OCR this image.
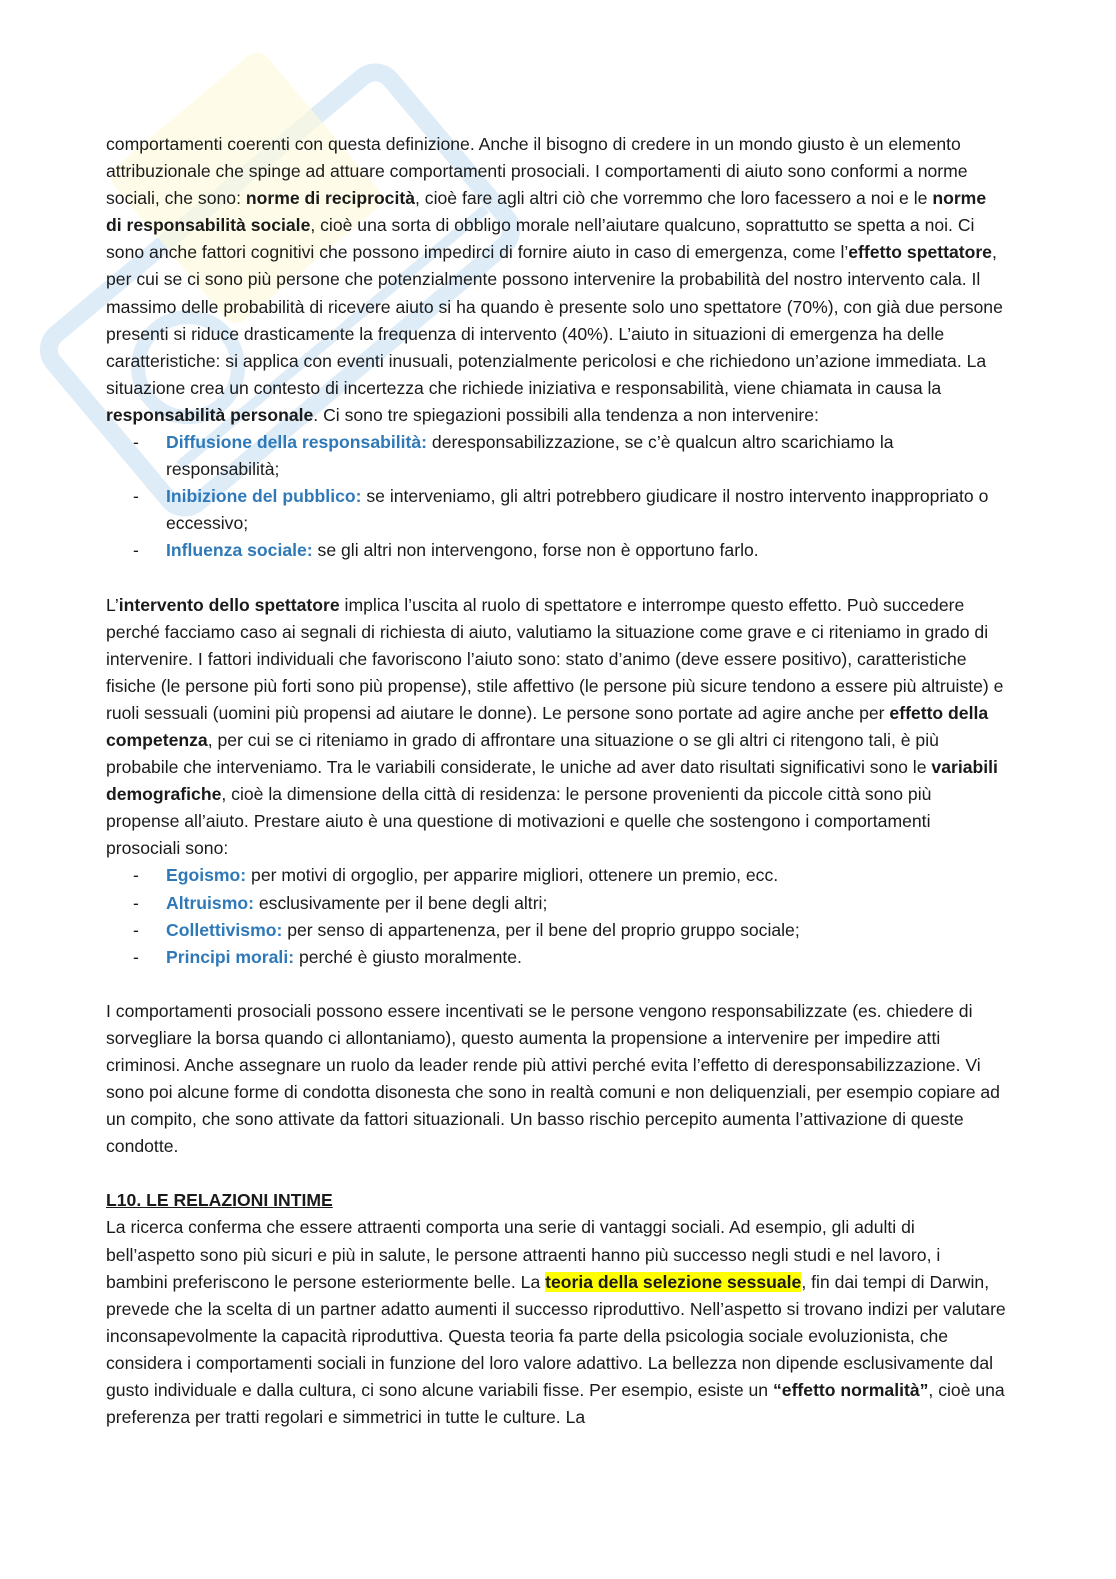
comportamenti coerenti con questa definizione. Anche il bisogno di credere in un mondo giusto è un elemento attribuzionale che spinge ad attuare comportamenti prosociali. I comportamenti di aiuto sono conformi a norme sociali, che sono: norme di reciprocità, cioè fare agli altri ciò che vorremmo che loro facessero a noi e le norme di responsabilità sociale, cioè una sorta di obbligo morale nell’aiutare qualcuno, soprattutto se spetta a noi. Ci sono anche fattori cognitivi che possono impedirci di fornire aiuto in caso di emergenza, come l’effetto spettatore, per cui se ci sono più persone che potenzialmente possono intervenire la probabilità del nostro intervento cala. Il massimo delle probabilità di ricevere aiuto si ha quando è presente solo uno spettatore (70%), con già due persone presenti si riduce drasticamente la frequenza di intervento (40%). L’aiuto in situazioni di emergenza ha delle caratteristiche: si applica con eventi inusuali, potenzialmente pericolosi e che richiedono un’azione immediata. La situazione crea un contesto di incertezza che richiede iniziativa e responsabilità, viene chiamata in causa la responsabilità personale. Ci sono tre spiegazioni possibili alla tendenza a non intervenire:

- Diffusione della responsabilità: deresponsabilizzazione, se c’è qualcun altro scarichiamo la responsabilità;
- Inibizione del pubblico: se interveniamo, gli altri potrebbero giudicare il nostro intervento inappropriato o eccessivo;
- Influenza sociale: se gli altri non intervengono, forse non è opportuno farlo.

L’intervento dello spettatore implica l’uscita al ruolo di spettatore e interrompe questo effetto. Può succedere perché facciamo caso ai segnali di richiesta di aiuto, valutiamo la situazione come grave e ci riteniamo in grado di intervenire. I fattori individuali che favoriscono l’aiuto sono: stato d’animo (deve essere positivo), caratteristiche fisiche (le persone più forti sono più propense), stile affettivo (le persone più sicure tendono a essere più altruiste) e ruoli sessuali (uomini più propensi ad aiutare le donne). Le persone sono portate ad agire anche per effetto della competenza, per cui se ci riteniamo in grado di affrontare una situazione o se gli altri ci ritengono tali, è più probabile che interveniamo. Tra le variabili considerate, le uniche ad aver dato risultati significativi sono le variabili demografiche, cioè la dimensione della città di residenza: le persone provenienti da piccole città sono più propense all’aiuto. Prestare aiuto è una questione di motivazioni e quelle che sostengono i comportamenti prosociali sono:

- Egoismo: per motivi di orgoglio, per apparire migliori, ottenere un premio, ecc.
- Altruismo: esclusivamente per il bene degli altri;
- Collettivismo: per senso di appartenenza, per il bene del proprio gruppo sociale;
- Principi morali: perché è giusto moralmente.

I comportamenti prosociali possono essere incentivati se le persone vengono responsabilizzate (es. chiedere di sorvegliare la borsa quando ci allontaniamo), questo aumenta la propensione a intervenire per impedire atti criminosi. Anche assegnare un ruolo da leader rende più attivi perché evita l’effetto di deresponsabilizzazione. Vi sono poi alcune forme di condotta disonesta che sono in realtà comuni e non deliquenziali, per esempio copiare ad un compito, che sono attivate da fattori situazionali. Un basso rischio percepito aumenta l’attivazione di queste condotte.

L10. LE RELAZIONI INTIME

La ricerca conferma che essere attraenti comporta una serie di vantaggi sociali. Ad esempio, gli adulti di bell’aspetto sono più sicuri e più in salute, le persone attraenti hanno più successo negli studi e nel lavoro, i bambini preferiscono le persone esteriormente belle. La teoria della selezione sessuale, fin dai tempi di Darwin, prevede che la scelta di un partner adatto aumenti il successo riproduttivo. Nell’aspetto si trovano indizi per valutare inconsapevolmente la capacità riproduttiva. Questa teoria fa parte della psicologia sociale evoluzionista, che considera i comportamenti sociali in funzione del loro valore adattivo. La bellezza non dipende esclusivamente dal gusto individuale e dalla cultura, ci sono alcune variabili fisse. Per esempio, esiste un “effetto normalità”, cioè una preferenza per tratti regolari e simmetrici in tutte le culture. La
